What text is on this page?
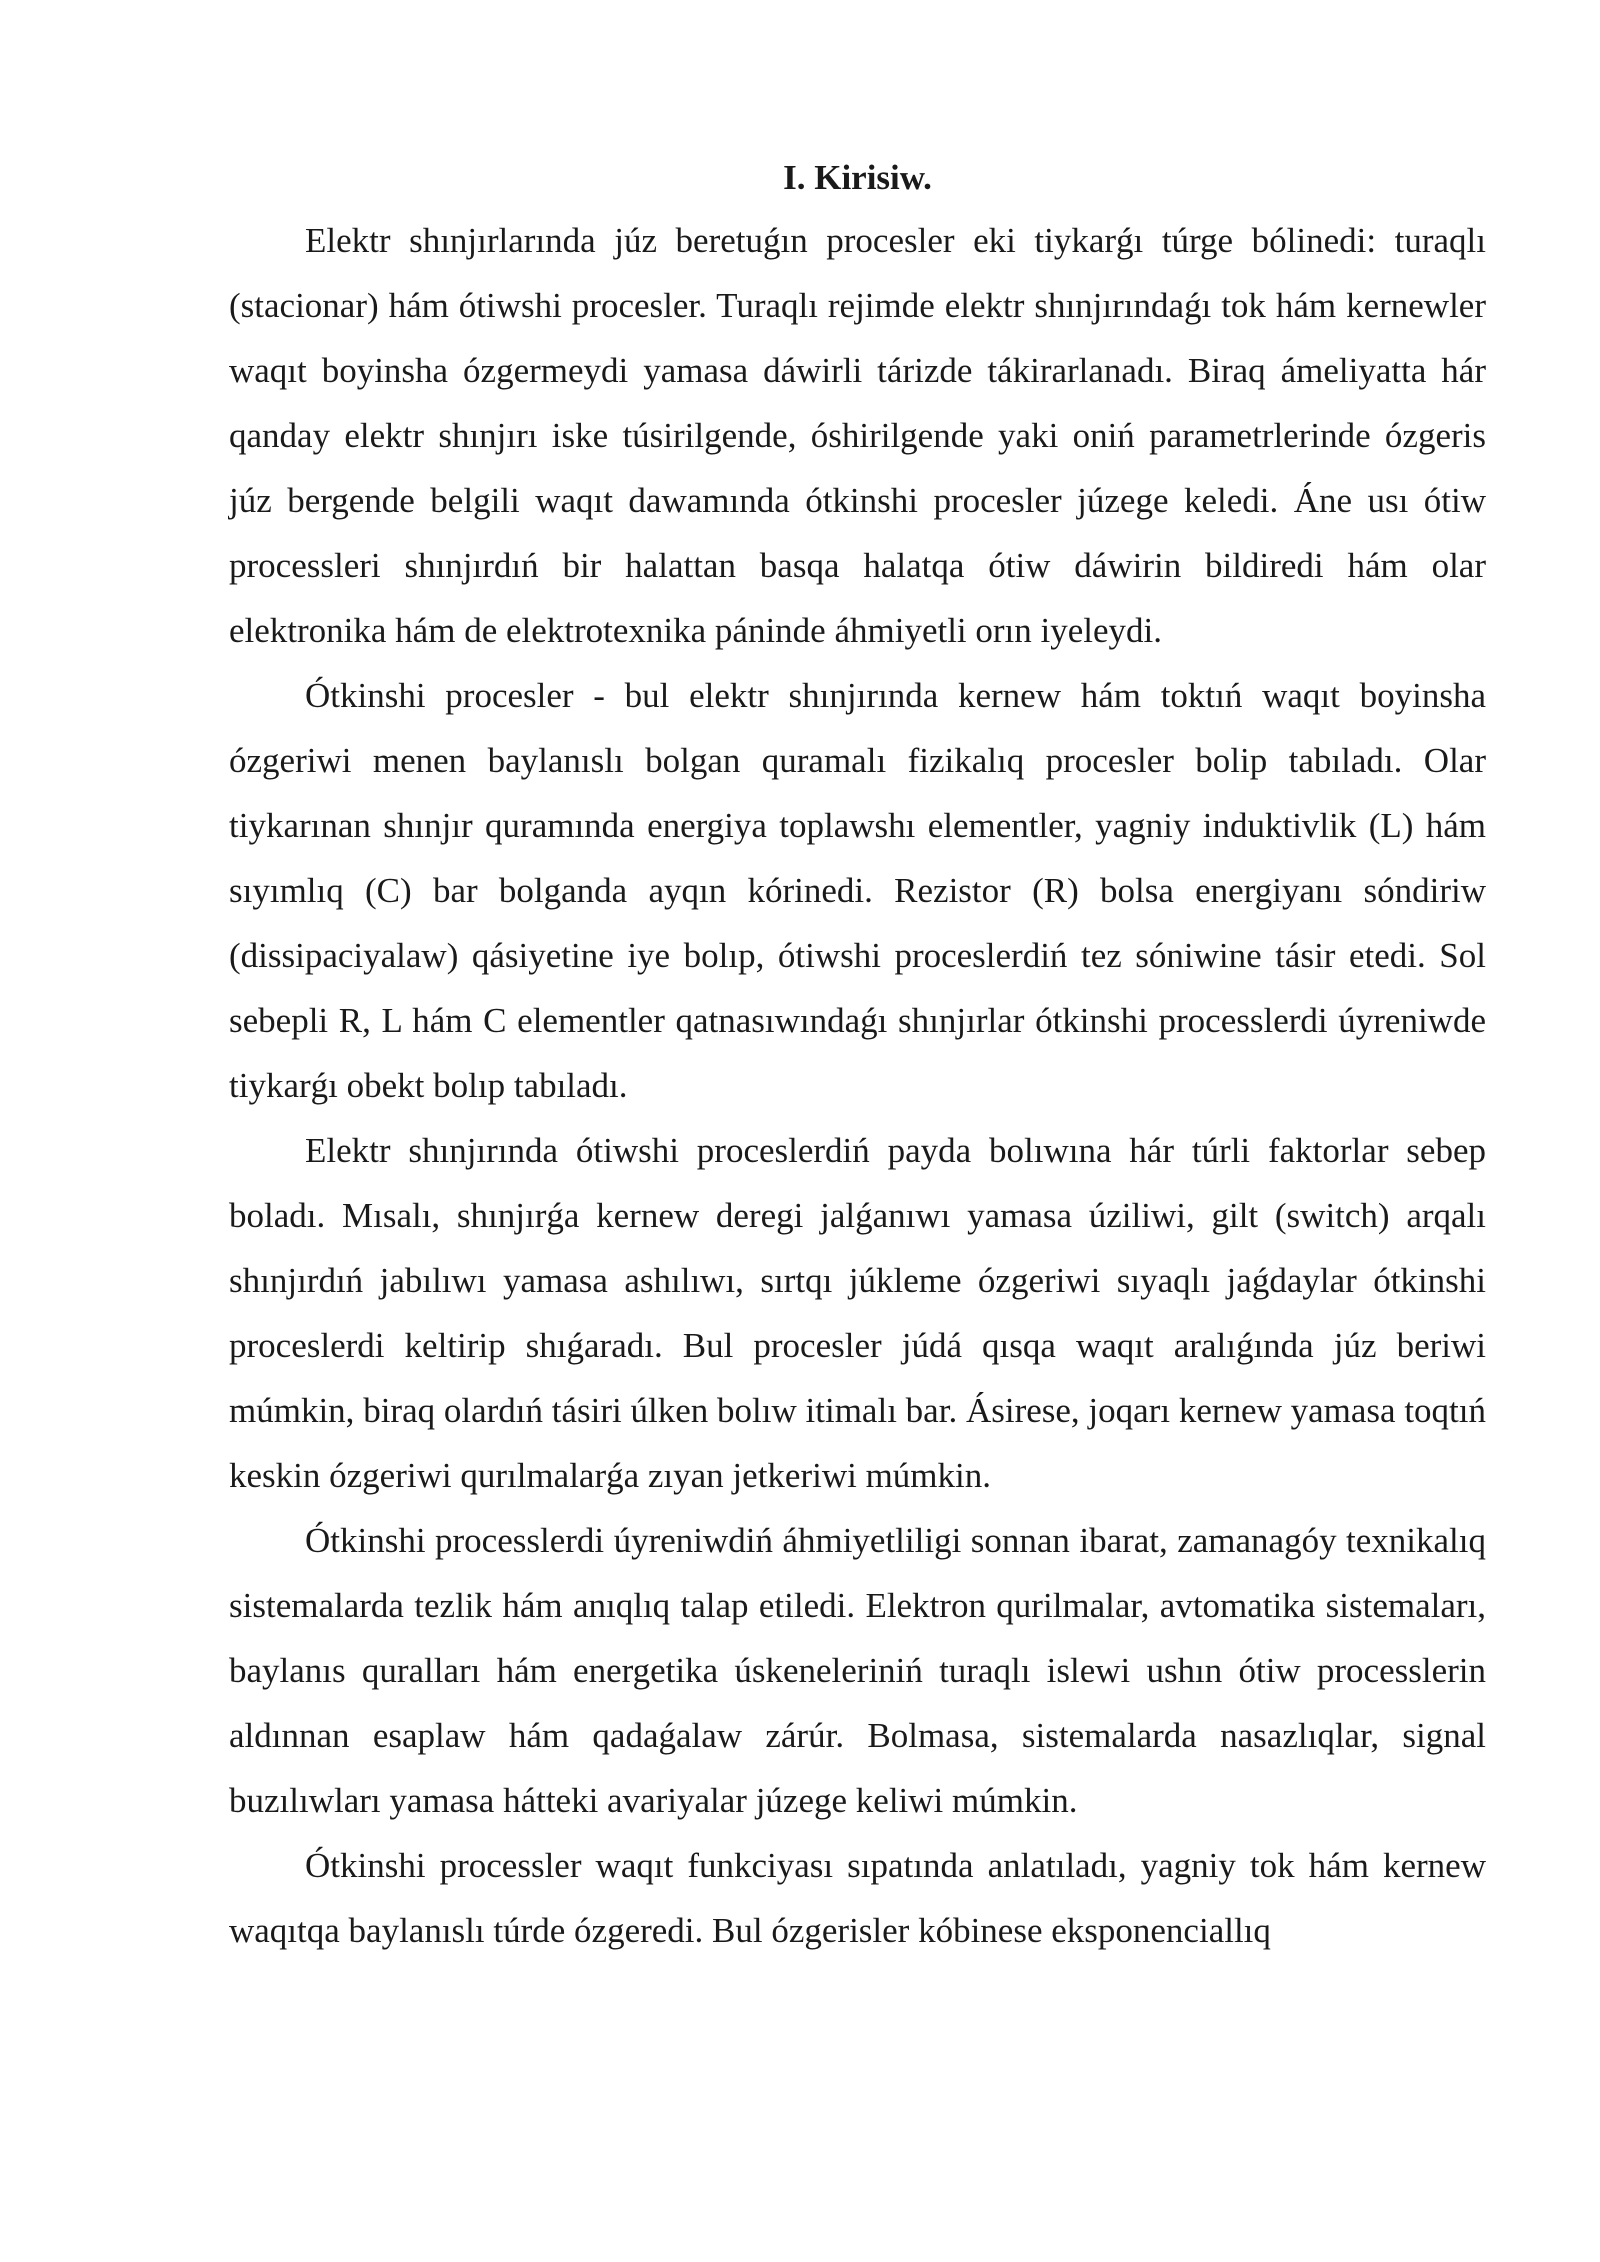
I. Kirisiw.

Elektr shınjırlarında júz beretuǵın procesler eki tiykarǵı túrge bólinedi: turaqlı (stacionar) hám ótiwshi procesler. Turaqlı rejimde elektr shınjırındaǵı tok hám kernewler waqıt boyinsha ózgermeydi yamasa dáwirli tárizde tákirarlanadı. Biraq ámeliyatta hár qanday elektr shınjırı iske túsirilgende, óshirilgende yaki oniń parametrlerinde ózgeris júz bergende belgili waqıt dawamında ótkinshi procesler júzege keledi. Áne usı ótiw processleri shınjırdıń bir halattan basqa halatqa ótiw dáwirin bildiredi hám olar elektronika hám de elektrotexnika páninde áhmiyetli orın iyeleydi.

Ótkinshi procesler - bul elektr shınjırında kernew hám toktıń waqıt boyinsha ózgeriwi menen baylanıslı bolgan quramalı fizikalıq procesler bolip tabıladı. Olar tiykarınan shınjır quramında energiya toplawshı elementler, yagniy induktivlik (L) hám sıyımlıq (C) bar bolganda ayqın kórinedi. Rezistor (R) bolsa energiyanı sóndiriw (dissipaciyalaw) qásiyetine iye bolıp, ótiwshi proceslerdiń tez sóniwine tásir etedi. Sol sebepli R, L hám C elementler qatnasıwındaǵı shınjırlar ótkinshi processlerdi úyreniwde tiykarǵı obekt bolıp tabıladı.

Elektr shınjırında ótiwshi proceslerdiń payda bolıwına hár túrli faktorlar sebep boladı. Mısalı, shınjırǵa kernew deregi jalǵanıwı yamasa úziliwi, gilt (switch) arqalı shınjırdıń jabılıwı yamasa ashılıwı, sırtqı júkleme ózgeriwi sıyaqlı jaǵdaylar ótkinshi proceslerdi keltirip shıǵaradı. Bul procesler júdá qısqa waqıt aralıǵında júz beriwi múmkin, biraq olardıń tásiri úlken bolıw itimalı bar. Ásirese, joqarı kernew yamasa toqtıń keskin ózgeriwi qurılmalarǵa zıyan jetkeriwi múmkin.

Ótkinshi processlerdi úyreniwdiń áhmiyetliligi sonnan ibarat, zamanagóy texnikalıq sistemalarda tezlik hám anıqlıq talap etiledi. Elektron qurilmalar, avtomatika sistemaları, baylanıs quralları hám energetika úskeneleriniń turaqlı islewi ushın ótiw processlerin aldınnan esaplaw hám qadaǵalaw zárúr. Bolmasa, sistemalarda nasazlıqlar, signal buzılıwları yamasa hátteki avariyalar júzege keliwi múmkin.

Ótkinshi processler waqıt funkciyası sıpatında anlatıladı, yagniy tok hám kernew waqıtqa baylanıslı túrde ózgeredi. Bul ózgerisler kóbinese eksponenciallıq
